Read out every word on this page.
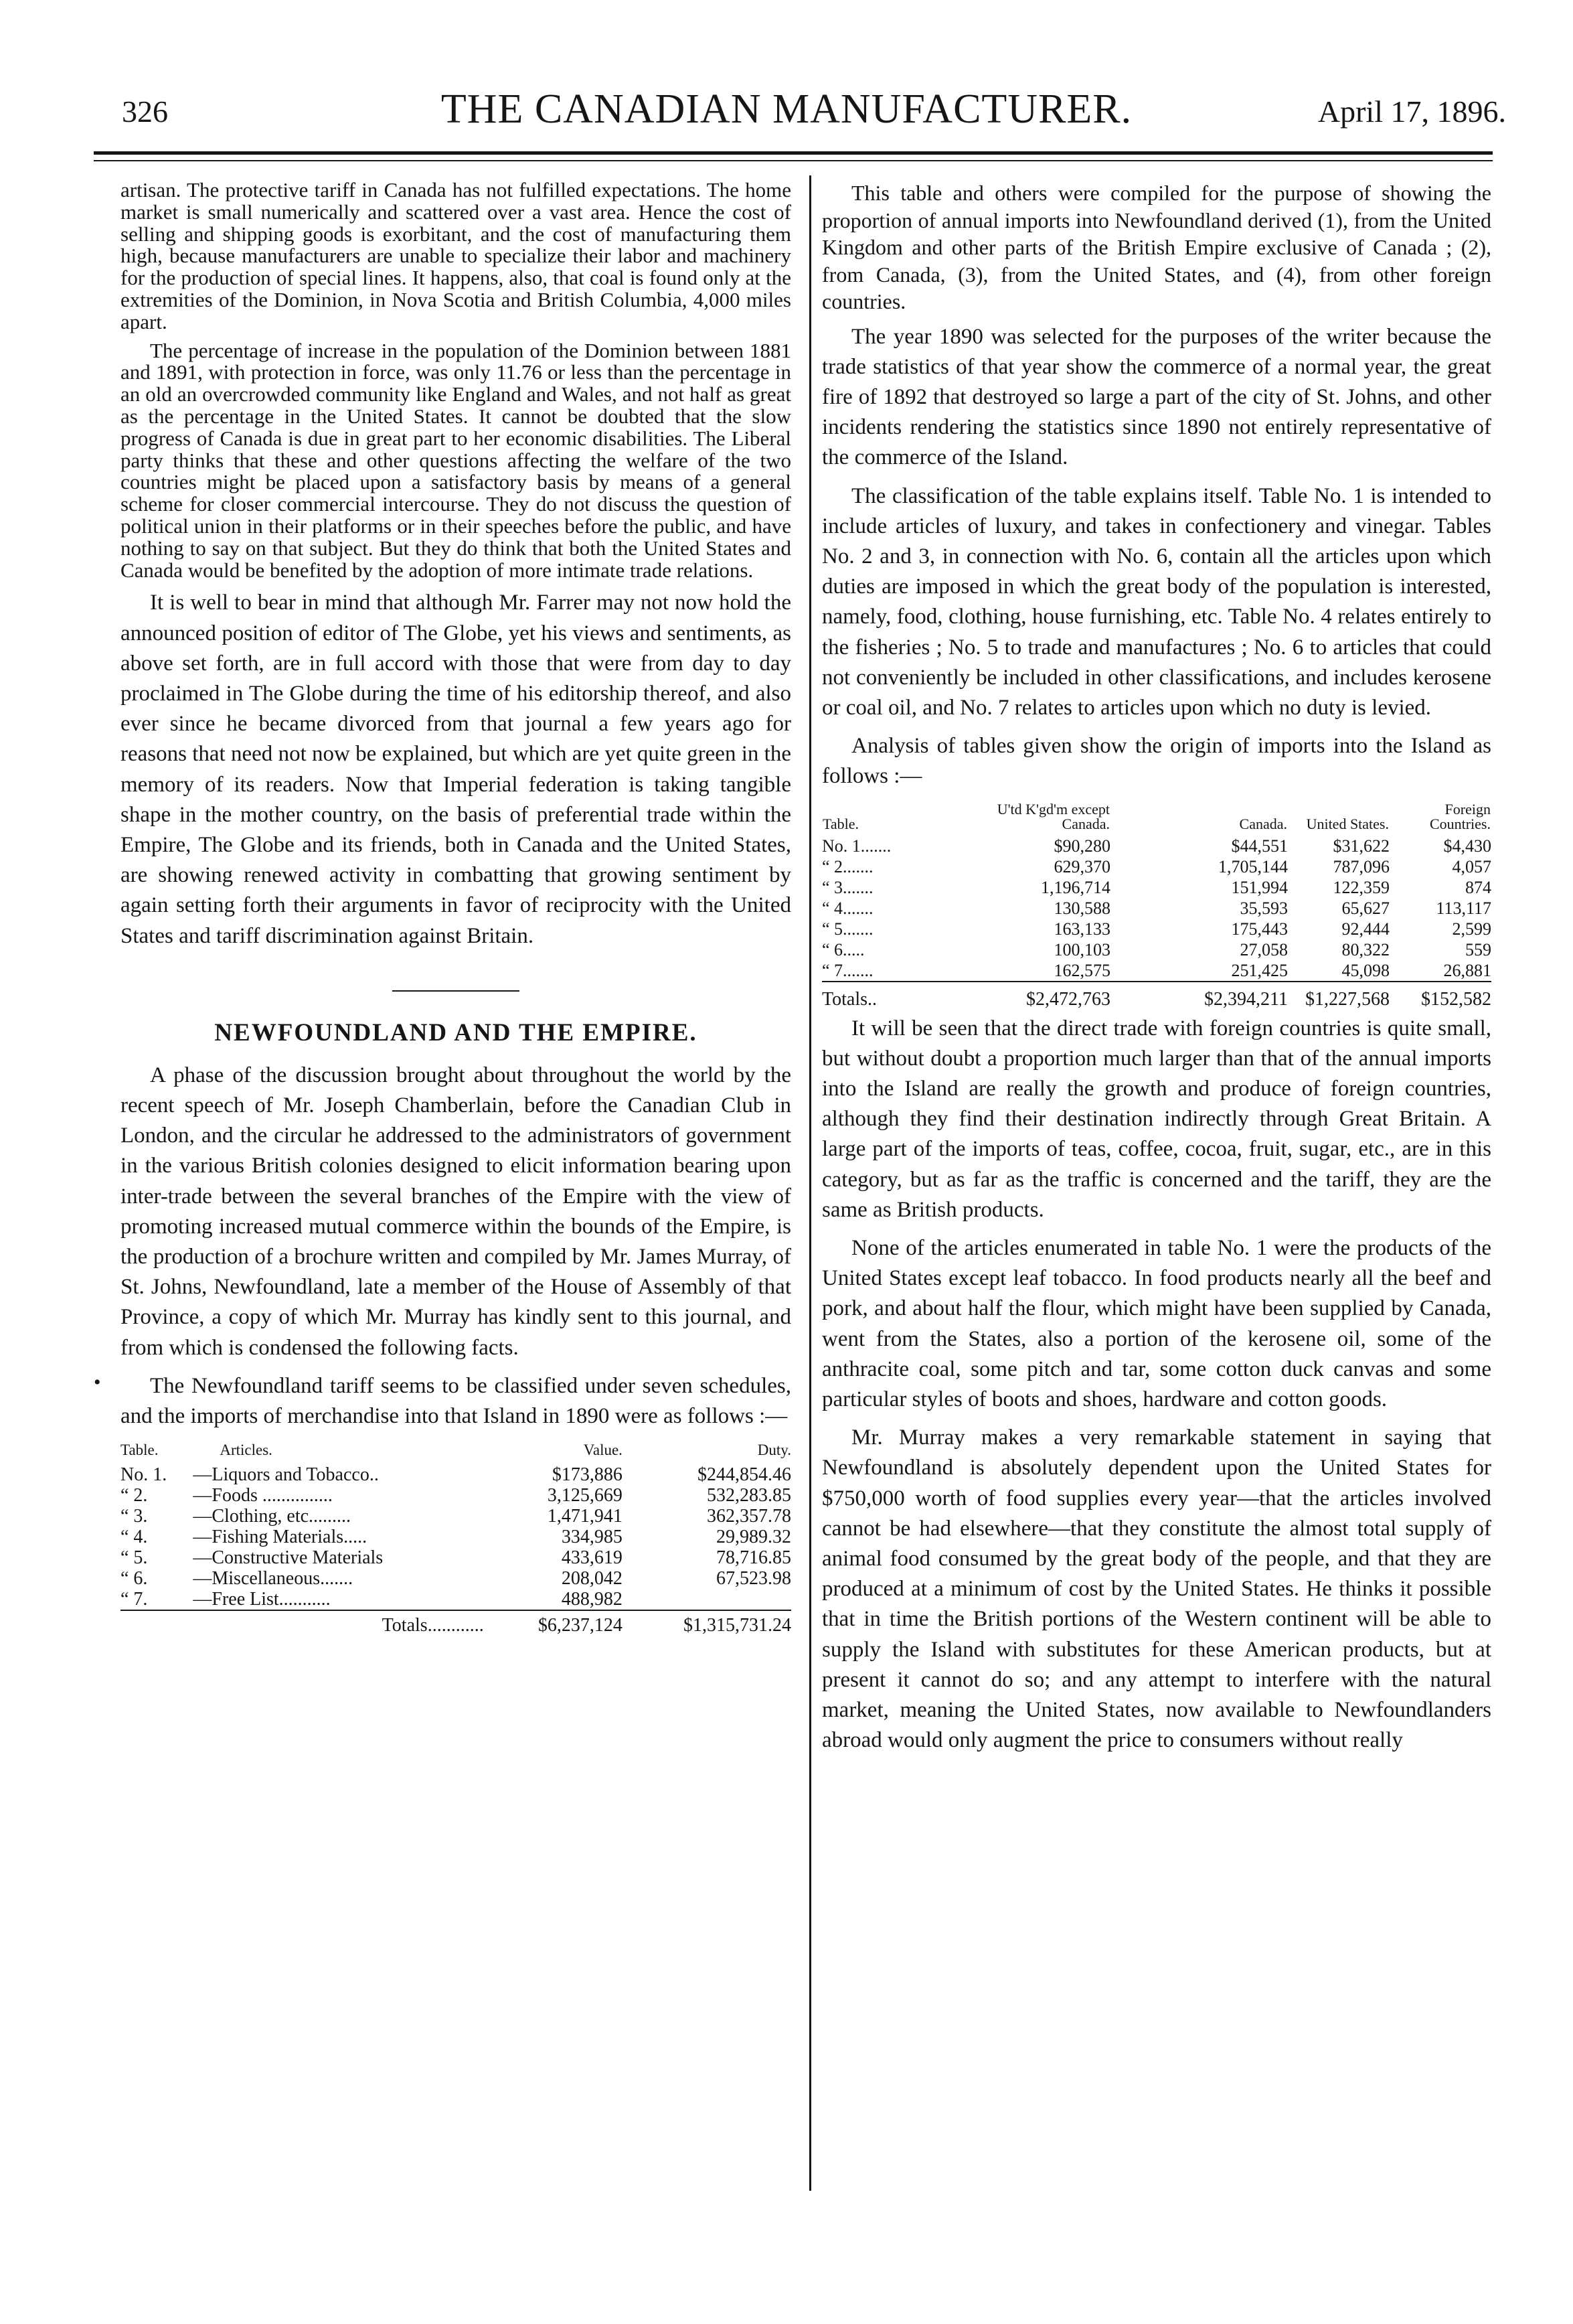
326	THE CANADIAN MANUFACTURER.	April 17, 1896.
•

artisan. The protective tariff in Canada has not fulfilled expectations. The home market is small numerically and scattered over a vast area. Hence the cost of selling and shipping goods is exorbitant, and the cost of manufacturing them high, because manufacturers are unable to specialize their labor and machinery for the production of special lines. It happens, also, that coal is found only at the extremities of the Dominion, in Nova Scotia and British Columbia, 4,000 miles apart.

The percentage of increase in the population of the Dominion between 1881 and 1891, with protection in force, was only 11.76 or less than the percentage in an old an overcrowded community like England and Wales, and not half as great as the percentage in the United States. It cannot be doubted that the slow progress of Canada is due in great part to her economic disabilities. The Liberal party thinks that these and other questions affecting the welfare of the two countries might be placed upon a satisfactory basis by means of a general scheme for closer commercial intercourse. They do not discuss the question of political union in their platforms or in their speeches before the public, and have nothing to say on that subject. But they do think that both the United States and Canada would be benefited by the adoption of more intimate trade relations.

It is well to bear in mind that although Mr. Farrer may not now hold the announced position of editor of The Globe, yet his views and sentiments, as above set forth, are in full accord with those that were from day to day proclaimed in The Globe during the time of his editorship thereof, and also ever since he became divorced from that journal a few years ago for reasons that need not now be explained, but which are yet quite green in the memory of its readers. Now that Imperial federation is taking tangible shape in the mother country, on the basis of preferential trade within the Empire, The Globe and its friends, both in Canada and the United States, are showing renewed activity in combatting that growing sentiment by again setting forth their arguments in favor of reciprocity with the United States and tariff discrimination against Britain.

NEWFOUNDLAND AND THE EMPIRE.

A phase of the discussion brought about throughout the world by the recent speech of Mr. Joseph Chamberlain, before the Canadian Club in London, and the circular he addressed to the administrators of government in the various British colonies designed to elicit information bearing upon inter-trade between the several branches of the Empire with the view of promoting increased mutual commerce within the bounds of the Empire, is the production of a brochure written and compiled by Mr. James Murray, of St. Johns, Newfoundland, late a member of the House of Assembly of that Province, a copy of which Mr. Murray has kindly sent to this journal, and from which is condensed the following facts.

The Newfoundland tariff seems to be classified under seven schedules, and the imports of merchandise into that Island in 1890 were as follows :—

Table.	Articles.	Value.	Duty.
No. 1.	—Liquors and Tobacco..	$173,886	$244,854.46
“ 2.	—Foods ...............	3,125,669	532,283.85
“ 3.	—Clothing, etc.........	1,471,941	362,357.78
“ 4.	—Fishing Materials.....	334,985	29,989.32
“ 5.	—Constructive Materials	433,619	78,716.85
“ 6.	—Miscellaneous.......	208,042	67,523.98
“ 7.	—Free List...........	488,982	

	Totals............	$6,237,124	$1,315,731.24

This table and others were compiled for the purpose of showing the proportion of annual imports into Newfoundland derived (1), from the United Kingdom and other parts of the British Empire exclusive of Canada ; (2), from Canada, (3), from the United States, and (4), from other foreign countries.

The year 1890 was selected for the purposes of the writer because the trade statistics of that year show the commerce of a normal year, the great fire of 1892 that destroyed so large a part of the city of St. Johns, and other incidents rendering the statistics since 1890 not entirely representative of the commerce of the Island.

The classification of the table explains itself. Table No. 1 is intended to include articles of luxury, and takes in confectionery and vinegar. Tables No. 2 and 3, in connection with No. 6, contain all the articles upon which duties are imposed in which the great body of the population is interested, namely, food, clothing, house furnishing, etc. Table No. 4 relates entirely to the fisheries ; No. 5 to trade and manufactures ; No. 6 to articles that could not conveniently be included in other classifications, and includes kerosene or coal oil, and No. 7 relates to articles upon which no duty is levied.

Analysis of tables given show the origin of imports into the Island as follows :—

Table.	U'td K'gd'm except Canada.	Canada.	United States.	Foreign Countries.
No. 1.......	$90,280	$44,551	$31,622	$4,430
“ 2.......	629,370	1,705,144	787,096	4,057
“ 3.......	1,196,714	151,994	122,359	874
“ 4.......	130,588	35,593	65,627	113,117
“ 5.......	163,133	175,443	92,444	2,599
“ 6.....	100,103	27,058	80,322	559
“ 7.......	162,575	251,425	45,098	26,881

Totals..	$2,472,763	$2,394,211	$1,227,568	$152,582

It will be seen that the direct trade with foreign countries is quite small, but without doubt a proportion much larger than that of the annual imports into the Island are really the growth and produce of foreign countries, although they find their destination indirectly through Great Britain. A large part of the imports of teas, coffee, cocoa, fruit, sugar, etc., are in this category, but as far as the traffic is concerned and the tariff, they are the same as British products.

None of the articles enumerated in table No. 1 were the products of the United States except leaf tobacco. In food products nearly all the beef and pork, and about half the flour, which might have been supplied by Canada, went from the States, also a portion of the kerosene oil, some of the anthracite coal, some pitch and tar, some cotton duck canvas and some particular styles of boots and shoes, hardware and cotton goods.

Mr. Murray makes a very remarkable statement in saying that Newfoundland is absolutely dependent upon the United States for $750,000 worth of food supplies every year—that the articles involved cannot be had elsewhere—that they constitute the almost total supply of animal food consumed by the great body of the people, and that they are produced at a minimum of cost by the United States. He thinks it possible that in time the British portions of the Western continent will be able to supply the Island with substitutes for these American products, but at present it cannot do so; and any attempt to interfere with the natural market, meaning the United States, now available to Newfoundlanders abroad would only augment the price to consumers without really
